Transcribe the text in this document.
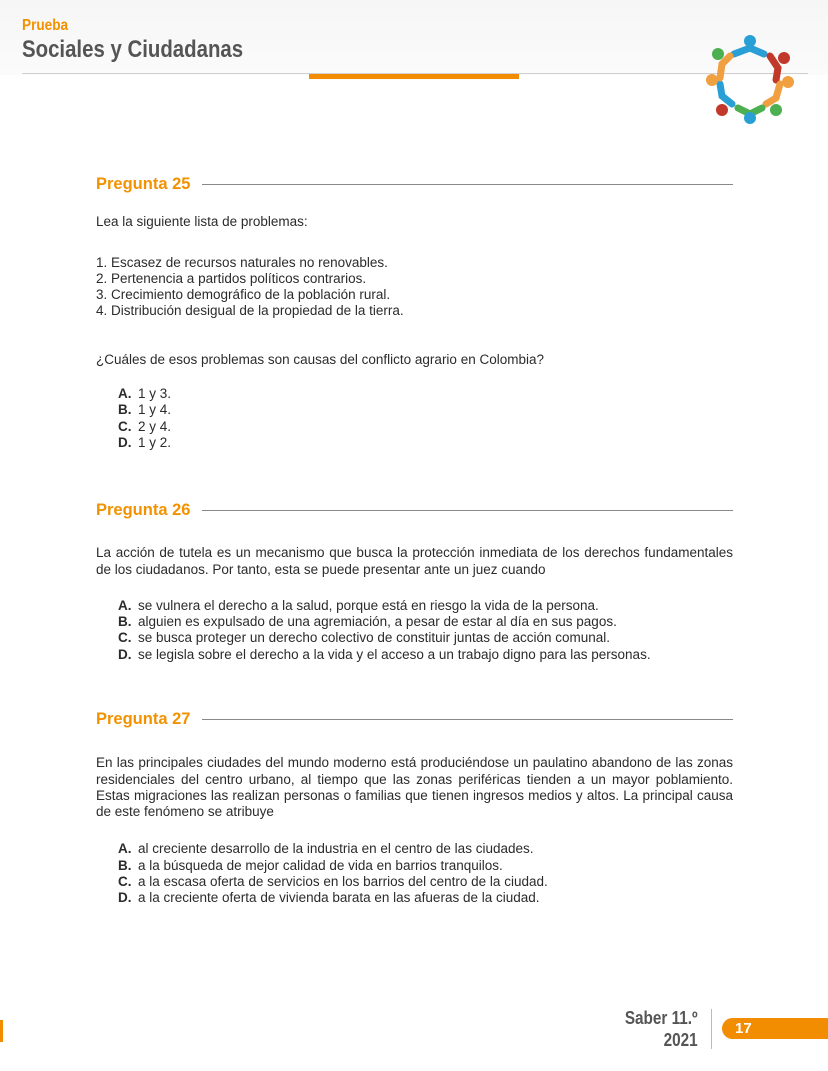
Prueba
Sociales y Ciudadanas
Pregunta 25
Lea la siguiente lista de problemas:
1. Escasez de recursos naturales no renovables.
2. Pertenencia a partidos políticos contrarios.
3. Crecimiento demográfico de la población rural.
4. Distribución desigual de la propiedad de la tierra.
¿Cuáles de esos problemas son causas del conflicto agrario en Colombia?
A. 1 y 3.
B. 1 y 4.
C. 2 y 4.
D. 1 y 2.
Pregunta 26
La acción de tutela es un mecanismo que busca la protección inmediata de los derechos fundamentales de los ciudadanos. Por tanto, esta se puede presentar ante un juez cuando
A. se vulnera el derecho a la salud, porque está en riesgo la vida de la persona.
B. alguien es expulsado de una agremiación, a pesar de estar al día en sus pagos.
C. se busca proteger un derecho colectivo de constituir juntas de acción comunal.
D. se legisla sobre el derecho a la vida y el acceso a un trabajo digno para las personas.
Pregunta 27
En las principales ciudades del mundo moderno está produciéndose un paulatino abandono de las zonas residenciales del centro urbano, al tiempo que las zonas periféricas tienden a un mayor poblamiento. Estas migraciones las realizan personas o familias que tienen ingresos medios y altos. La principal causa de este fenómeno se atribuye
A. al creciente desarrollo de la industria en el centro de las ciudades.
B. a la búsqueda de mejor calidad de vida en barrios tranquilos.
C. a la escasa oferta de servicios en los barrios del centro de la ciudad.
D. a la creciente oferta de vivienda barata en las afueras de la ciudad.
Saber 11.º
2021
17
